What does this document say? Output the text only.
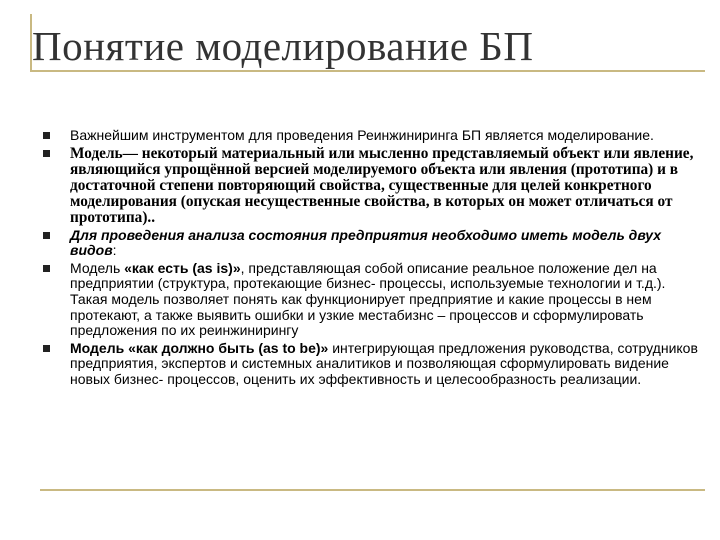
Понятие моделирование БП
Важнейшим инструментом для проведения Реинжиниринга БП является моделирование.
Модель— некоторый материальный или мысленно представляемый объект или явление, являющийся упрощённой версией моделируемого объекта или явления (прототипа) и в достаточной степени повторяющий свойства, существенные для целей конкретного моделирования (опуская несущественные свойства, в которых он может отличаться от прототипа)..
Для проведения анализа состояния предприятия необходимо иметь модель двух видов:
Модель «как есть (as is)», представляющая собой описание реальное положение дел на предприятии (структура, протекающие бизнес- процессы, используемые технологии и т.д.). Такая модель позволяет понять как функционирует предприятие и какие процессы в нем протекают, а также выявить ошибки и узкие местабизнс – процессов и сформулировать предложения по их реинжинирингу
Модель «как должно быть (as to be)» интегрирующая предложения руководства, сотрудников предприятия, экспертов и системных аналитиков и позволяющая сформулировать видение новых бизнес- процессов, оценить их эффективность и целесообразность реализации.
